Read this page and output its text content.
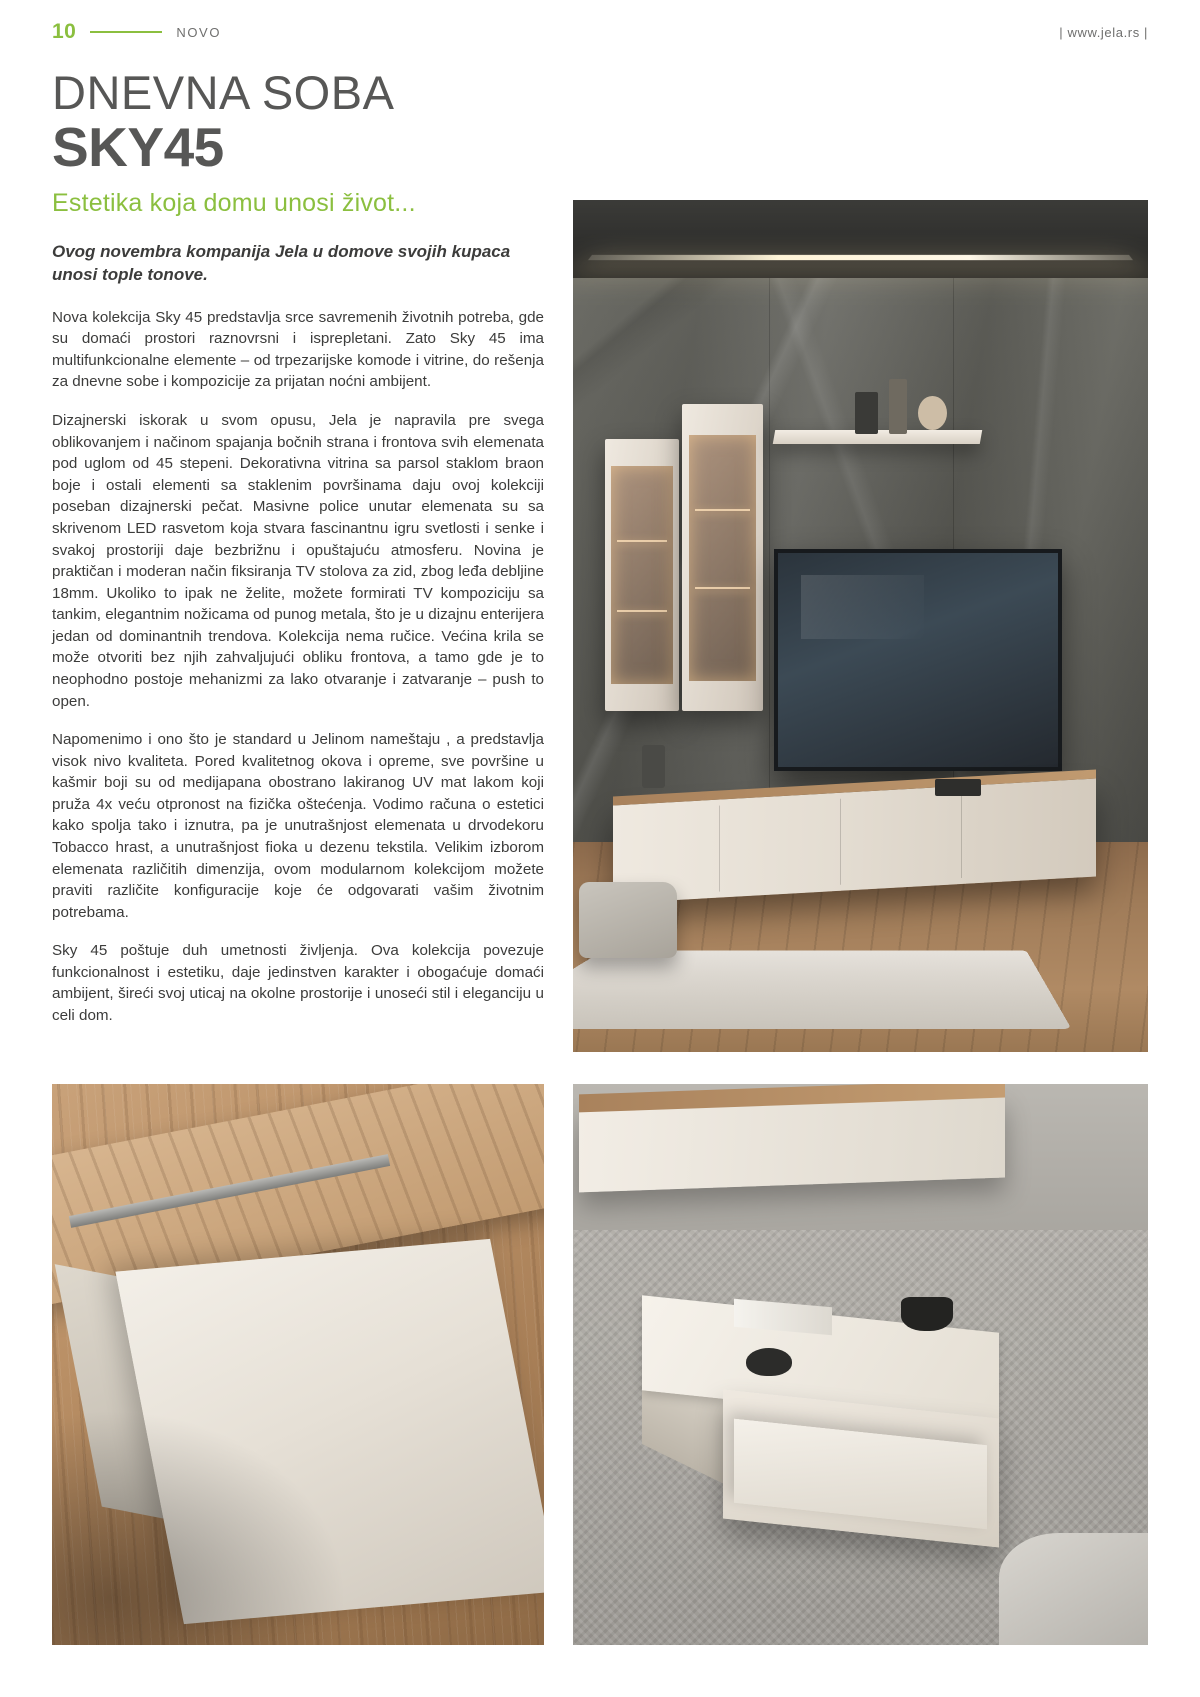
10	NOVO	| www.jela.rs |
DNEVNA SOBA
SKY45
Estetika koja domu unosi život...
Ovog novembra kompanija Jela u domove svojih kupaca unosi tople tonove.

Nova kolekcija Sky 45 predstavlja srce savremenih životnih potreba, gde su domaći prostori raznovrsni i isprepletani. Zato Sky 45 ima multifunkcionalne elemente – od trpezarijske komode i vitrine, do rešenja za dnevne sobe i kompozicije za prijatan noćni ambijent.

Dizajnerski iskorak u svom opusu, Jela je napravila pre svega oblikovanjem i načinom spajanja bočnih strana i frontova svih elemenata pod uglom od 45 stepeni. Dekorativna vitrina sa parsol staklom braon boje i ostali elementi sa staklenim površinama daju ovoj kolekciji poseban dizajnerski pečat. Masivne police unutar elemenata su sa skrivenom LED rasvetom koja stvara fascinantnu igru svetlosti i senke i svakoj prostoriji daje bezbrižnu i opuštajuću atmosferu. Novina je praktičan i moderan način fiksiranja TV stolova za zid, zbog leđa debljine 18mm. Ukoliko to ipak ne želite, možete formirati TV kompoziciju sa tankim, elegantnim nožicama od punog metala, što je u dizajnu enterijera jedan od dominantnih trendova. Kolekcija nema ručice. Većina krila se može otvoriti bez njih zahvaljujući obliku frontova, a tamo gde je to neophodno postoje mehanizmi za lako otvaranje i zatvaranje – push to open.

Napomenimo i ono što je standard u Jelinom nameštaju , a predstavlja visok nivo kvaliteta. Pored kvalitetnog okova i opreme, sve površine u kašmir boji su od medijapana obostrano lakiranog UV mat lakom koji pruža 4x veću otpronost na fizička oštećenja. Vodimo računa o estetici kako spolja tako i iznutra, pa je unutrašnjost elemenata u drvodekoru Tobacco hrast, a unutrašnjost fioka u dezenu tekstila. Velikim izborom elemenata različitih dimenzija, ovom modularnom kolekcijom možete praviti različite konfiguracije koje će odgovarati vašim životnim potrebama.

Sky 45 poštuje duh umetnosti življenja. Ova kolekcija povezuje funkcionalnost i estetiku, daje jedinstven karakter i obogaćuje domaći ambijent, šireći svoj uticaj na okolne prostorije i unoseći stil i eleganciju u celi dom.
